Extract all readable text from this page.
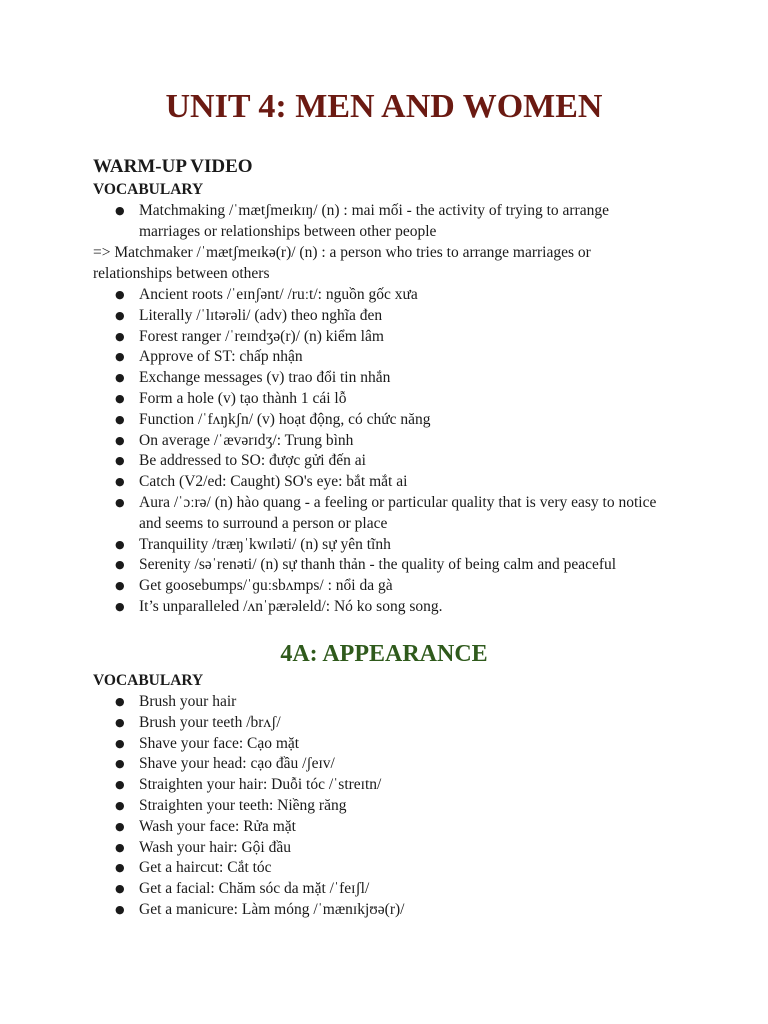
UNIT 4: MEN AND WOMEN
WARM-UP VIDEO
VOCABULARY
● Matchmaking /ˈmætʃmeɪkɪŋ/ (n) : mai mối - the activity of trying to arrange marriages or relationships between other people

=> Matchmaker /ˈmætʃmeɪkə(r)/ (n) : a person who tries to arrange marriages or relationships between others

● Ancient roots /ˈeɪnʃənt/ /ruːt/: nguồn gốc xưa
● Literally /ˈlɪtərəli/ (adv) theo nghĩa đen
● Forest ranger /ˈreɪndʒə(r)/ (n) kiểm lâm
● Approve of ST: chấp nhận
● Exchange messages (v) trao đổi tin nhắn
● Form a hole (v) tạo thành 1 cái lỗ
● Function /ˈfʌŋkʃn/ (v) hoạt động, có chức năng
● On average /ˈævərɪdʒ/: Trung bình
● Be addressed to SO: được gửi đến ai
● Catch (V2/ed: Caught) SO's eye: bắt mắt ai
● Aura /ˈɔːrə/ (n) hào quang - a feeling or particular quality that is very easy to notice and seems to surround a person or place
● Tranquility /træŋˈkwɪləti/ (n) sự yên tĩnh
● Serenity /səˈrenəti/ (n) sự thanh thản - the quality of being calm and peaceful
● Get goosebumps/ˈɡuːsbʌmps/ : nổi da gà
● It’s unparalleled /ʌnˈpærəleld/: Nó ko song song.
4A: APPEARANCE
VOCABULARY
● Brush your hair
● Brush your teeth /brʌʃ/
● Shave your face: Cạo mặt
● Shave your head: cạo đầu /ʃeɪv/
● Straighten your hair: Duỗi tóc /ˈstreɪtn/
● Straighten your teeth: Niềng răng
● Wash your face: Rửa mặt
● Wash your hair: Gội đầu
● Get a haircut: Cắt tóc
● Get a facial: Chăm sóc da mặt /ˈfeɪʃl/
● Get a manicure: Làm móng /ˈmænɪkjʊə(r)/
